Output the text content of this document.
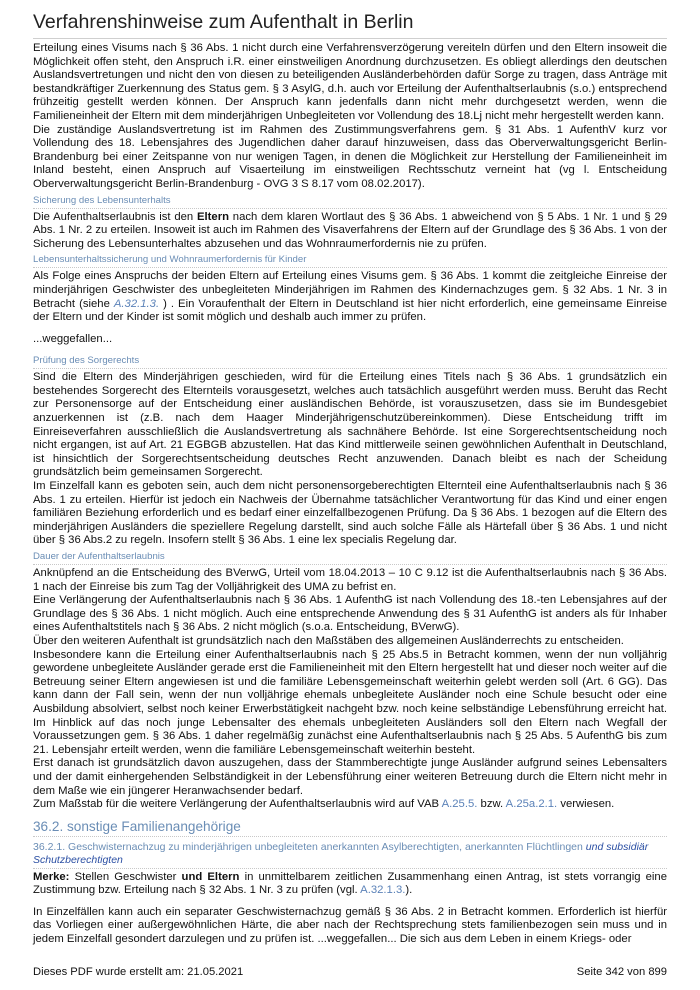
Verfahrenshinweise zum Aufenthalt in Berlin

Erteilung eines Visums nach § 36 Abs. 1 nicht durch eine Verfahrensverzögerung vereiteln dürfen und den Eltern insoweit die Möglichkeit offen steht, den Anspruch i.R. einer einstweiligen Anordnung durchzusetzen. Es obliegt allerdings den deutschen Auslandsvertretungen und nicht den von diesen zu beteiligenden Ausländerbehörden dafür Sorge zu tragen, dass Anträge mit bestandkräftiger Zuerkennung des Status gem. § 3 AsylG, d.h. auch vor Erteilung der Aufenthaltserlaubnis (s.o.) entsprechend frühzeitig gestellt werden können. Der Anspruch kann jedenfalls dann nicht mehr durchgesetzt werden, wenn die Familieneinheit der Eltern mit dem minderjährigen Unbegleiteten vor Vollendung des 18.Lj nicht mehr hergestellt werden kann.

Die zuständige Auslandsvertretung ist im Rahmen des Zustimmungsverfahrens gem. § 31 Abs. 1 AufenthV kurz vor Vollendung des 18. Lebensjahres des Jugendlichen daher darauf hinzuweisen, dass das Oberverwaltungsgericht Berlin-Brandenburg bei einer Zeitspanne von nur wenigen Tagen, in denen die Möglichkeit zur Herstellung der Familieneinheit im Inland besteht, einen Anspruch auf Visaerteilung im einstweiligen Rechtsschutz verneint hat (vg l. Entscheidung Oberverwaltungsgericht Berlin-Brandenburg - OVG 3 S 8.17 vom 08.02.2017).

Sicherung des Lebensunterhalts

Die Aufenthaltserlaubnis ist den Eltern nach dem klaren Wortlaut des § 36 Abs. 1 abweichend von § 5 Abs. 1 Nr. 1 und § 29 Abs. 1 Nr. 2 zu erteilen. Insoweit ist auch im Rahmen des Visaverfahrens der Eltern auf der Grundlage des § 36 Abs. 1 von der Sicherung des Lebensunterhaltes abzusehen und das Wohnraumerfordernis nie zu prüfen.

Lebensunterhaltssicherung und Wohnraumerfordernis für Kinder

Als Folge eines Anspruchs der beiden Eltern auf Erteilung eines Visums gem. § 36 Abs. 1 kommt die zeitgleiche Einreise der minderjährigen Geschwister des unbegleiteten Minderjährigen im Rahmen des Kindernachzuges gem. § 32 Abs. 1 Nr. 3 in Betracht (siehe A.32.1.3. ) . Ein Voraufenthalt der Eltern in Deutschland ist hier nicht erforderlich, eine gemeinsame Einreise der Eltern und der Kinder ist somit möglich und deshalb auch immer zu prüfen.

...weggefallen...

Prüfung des Sorgerechts

Sind die Eltern des Minderjährigen geschieden, wird für die Erteilung eines Titels nach § 36 Abs. 1 grundsätzlich ein bestehendes Sorgerecht des Elternteils vorausgesetzt, welches auch tatsächlich ausgeführt werden muss. Beruht das Recht zur Personensorge auf der Entscheidung einer ausländischen Behörde, ist vorauszusetzen, dass sie im Bundesgebiet anzuerkennen ist (z.B. nach dem Haager Minderjährigenschutzübereinkommen). Diese Entscheidung trifft im Einreiseverfahren ausschließlich die Auslandsvertretung als sachnähere Behörde. Ist eine Sorgerechtsentscheidung noch nicht ergangen, ist auf Art. 21 EGBGB abzustellen. Hat das Kind mittlerweile seinen gewöhnlichen Aufenthalt in Deutschland, ist hinsichtlich der Sorgerechtsentscheidung deutsches Recht anzuwenden. Danach bleibt es nach der Scheidung grundsätzlich beim gemeinsamen Sorgerecht.

Im Einzelfall kann es geboten sein, auch dem nicht personensorgeberechtigten Elternteil eine Aufenthaltserlaubnis nach § 36 Abs. 1 zu erteilen. Hierfür ist jedoch ein Nachweis der Übernahme tatsächlicher Verantwortung für das Kind und einer engen familiären Beziehung erforderlich und es bedarf einer einzelfallbezogenen Prüfung. Da § 36 Abs. 1 bezogen auf die Eltern des minderjährigen Ausländers die speziellere Regelung darstellt, sind auch solche Fälle als Härtefall über § 36 Abs. 1 und nicht über § 36 Abs.2 zu regeln. Insofern stellt § 36 Abs. 1 eine lex specialis Regelung dar.

Dauer der Aufenthaltserlaubnis

Anknüpfend an die Entscheidung des BVerwG, Urteil vom 18.04.2013 – 10 C 9.12 ist die Aufenthaltserlaubnis nach § 36 Abs. 1 nach der Einreise bis zum Tag der Volljährigkeit des UMA zu befrist en.

Eine Verlängerung der Aufenthaltserlaubnis nach § 36 Abs. 1 AufenthG ist nach Vollendung des 18.-ten Lebensjahres auf der Grundlage des § 36 Abs. 1 nicht möglich. Auch eine entsprechende Anwendung des § 31 AufenthG ist anders als für Inhaber eines Aufenthaltstitels nach § 36 Abs. 2 nicht möglich (s.o.a. Entscheidung, BVerwG).

Über den weiteren Aufenthalt ist grundsätzlich nach den Maßstäben des allgemeinen Ausländerrechts zu entscheiden.

Insbesondere kann die Erteilung einer Aufenthaltserlaubnis nach § 25 Abs.5 in Betracht kommen, wenn der nun volljährig gewordene unbegleitete Ausländer gerade erst die Familieneinheit mit den Eltern hergestellt hat und dieser noch weiter auf die Betreuung seiner Eltern angewiesen ist und die familiäre Lebensgemeinschaft weiterhin gelebt werden soll (Art. 6 GG). Das kann dann der Fall sein, wenn der nun volljährige ehemals unbegleitete Ausländer noch eine Schule besucht oder eine Ausbildung absolviert, selbst noch keiner Erwerbstätigkeit nachgeht bzw. noch keine selbständige Lebensführung erreicht hat. Im Hinblick auf das noch junge Lebensalter des ehemals unbegleiteten Ausländers soll den Eltern nach Wegfall der Voraussetzungen gem. § 36 Abs. 1 daher regelmäßig zunächst eine Aufenthaltserlaubnis nach § 25 Abs. 5 AufenthG bis zum 21. Lebensjahr erteilt werden, wenn die familiäre Lebensgemeinschaft weiterhin besteht.

Erst danach ist grundsätzlich davon auszugehen, dass der Stammberechtigte junge Ausländer aufgrund seines Lebensalters und der damit einhergehenden Selbständigkeit in der Lebensführung einer weiteren Betreuung durch die Eltern nicht mehr in dem Maße wie ein jüngerer Heranwachsender bedarf.

Zum Maßstab für die weitere Verlängerung der Aufenthaltserlaubnis wird auf VAB A.25.5. bzw. A.25a.2.1. verwiesen.

36.2. sonstige Familienangehörige
36.2.1. Geschwisternachzug zu minderjährigen unbegleiteten anerkannten Asylberechtigten, anerkannten Flüchtlingen und subsidiär Schutzberechtigten

Merke: Stellen Geschwister und Eltern in unmittelbarem zeitlichen Zusammenhang einen Antrag, ist stets vorrangig eine Zustimmung bzw. Erteilung nach § 32 Abs. 1 Nr. 3 zu prüfen (vgl. A.32.1.3.).

In Einzelfällen kann auch ein separater Geschwisternachzug gemäß § 36 Abs. 2 in Betracht kommen. Erforderlich ist hierfür das Vorliegen einer außergewöhnlichen Härte, die aber nach der Rechtsprechung stets familienbezogen sein muss und in jedem Einzelfall gesondert darzulegen und zu prüfen ist. ...weggefallen... Die sich aus dem Leben in einem Kriegs- oder

Dieses PDF wurde erstellt am: 21.05.2021	Seite 342 von 899
